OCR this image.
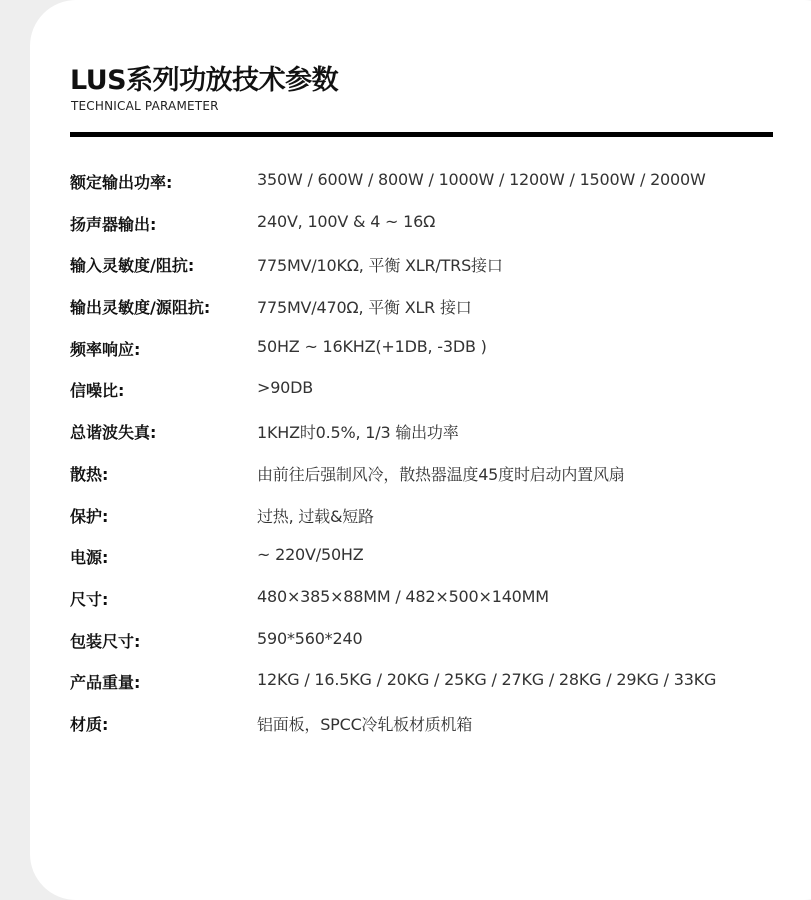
LUS系列功放技术参数
TECHNICAL PARAMETER
额定输出功率:	350W / 600W / 800W / 1000W / 1200W / 1500W / 2000W
扬声器输出:	240V, 100V & 4 ~ 16Ω
输入灵敏度/阻抗:	775MV/10KΩ, 平衡 XLR/TRS接口
输出灵敏度/源阻抗:	775MV/470Ω, 平衡 XLR 接口
频率响应:	50HZ ~ 16KHZ(+1DB, -3DB )
信噪比:	>90DB
总谐波失真:	1KHZ时0.5%, 1/3 输出功率
散热:	由前往后强制风冷，散热器温度45度时启动内置风扇
保护:	过热, 过载&短路
电源:	~ 220V/50HZ
尺寸:	480×385×88MM / 482×500×140MM
包装尺寸:	590*560*240
产品重量:	12KG / 16.5KG / 20KG / 25KG / 27KG / 28KG / 29KG / 33KG
材质:	铝面板，SPCC冷轧板材质机箱
